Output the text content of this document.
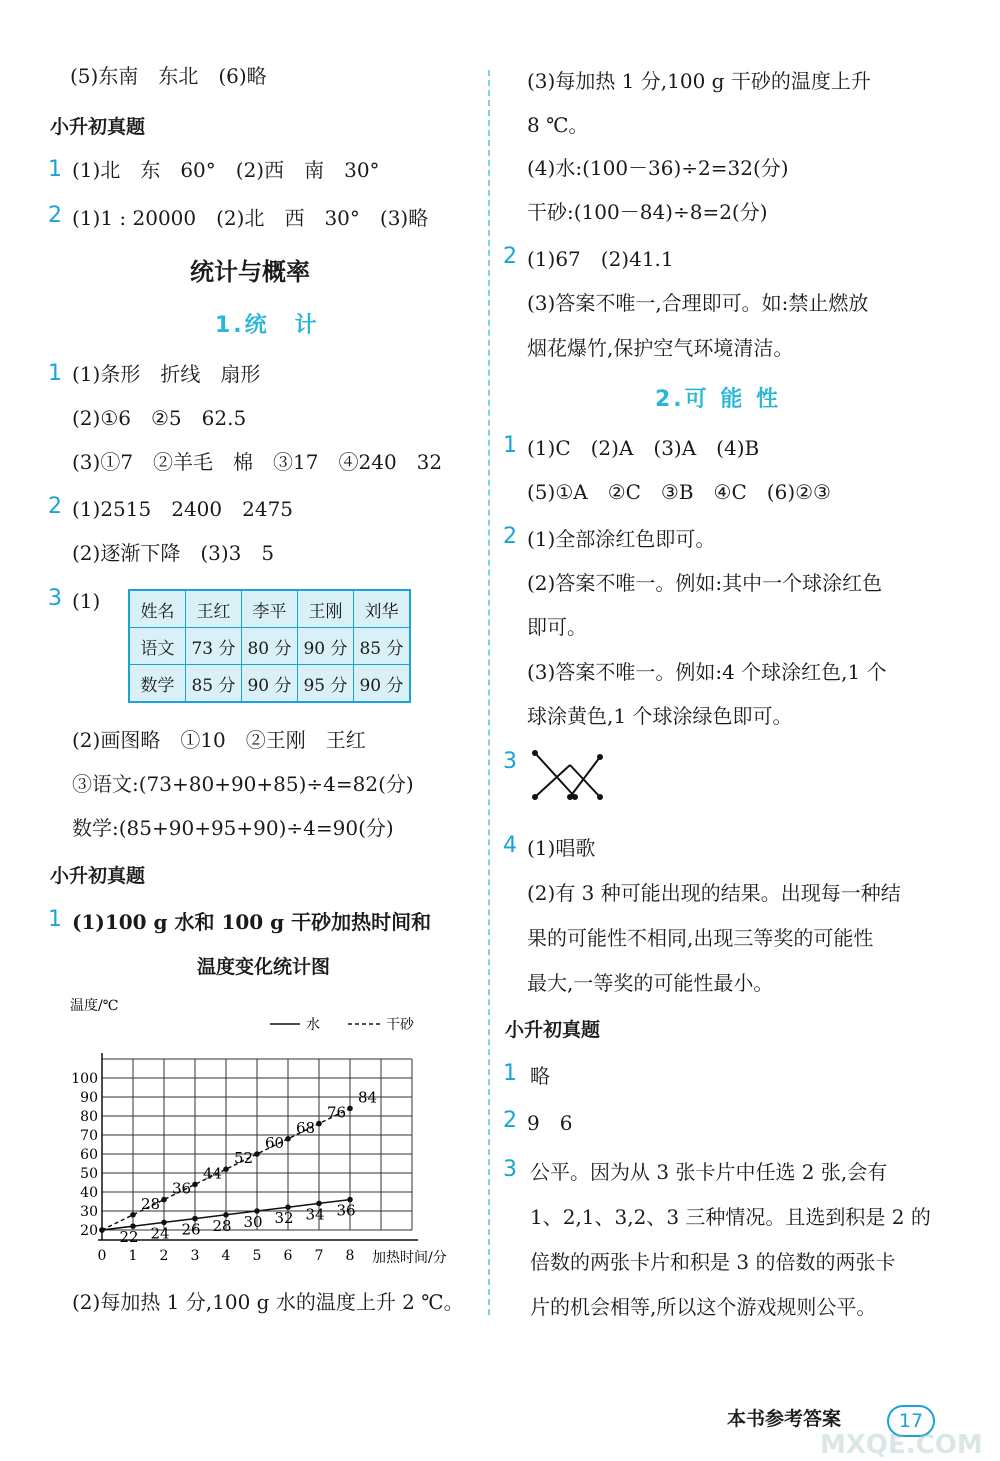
(5)东南　东北　(6)略
小升初真题
1 (1)北　东　60°　(2)西　南　30°
2 (1)1 : 20000　(2)北　西　30°　(3)略
统计与概率
1.统　计
1 (1)条形　折线　扇形
(2)①6　②5　62.5
(3)①7　②羊毛　棉　③17　④240　32
2 (1)2515　2400　2475
(2)逐渐下降　(3)3　5
3 (1) 姓名	王红	李平	王刚	刘华
语文	73 分	80 分	90 分	85 分
数学	85 分	90 分	95 分	90 分
(2)画图略　①10　②王刚　王红
③语文:(73+80+90+85)÷4=82(分)
数学:(85+90+95+90)÷4=90(分)
小升初真题
1 (1)100 g 水和 100 g 干砂加热时间和
温度变化统计图
温度/℃
加热时间/分
20
30
40
50
60
70
80
90
100
0 1 2 3 4 5 6 7 8
水	干砂
22 24 26 28 30 32 34 36
28
36
44
52
60
68
76
84
(2)每加热 1 分,100 g 水的温度上升 2 ℃。
(3)每加热 1 分,100 g 干砂的温度上升
8 ℃。
(4)水:(100－36)÷2=32(分)
干砂:(100－84)÷8=2(分)
2 (1)67　(2)41.1
(3)答案不唯一,合理即可。如:禁止燃放
烟花爆竹,保护空气环境清洁。
2.可 能 性
1 (1)C　(2)A　(3)A　(4)B
(5)①A　②C　③B　④C　(6)②③
2 (1)全部涂红色即可。
(2)答案不唯一。例如:其中一个球涂红色
即可。
(3)答案不唯一。例如:4 个球涂红色,1 个
球涂黄色,1 个球涂绿色即可。
3
4 (1)唱歌
(2)有 3 种可能出现的结果。出现每一种结
果的可能性不相同,出现三等奖的可能性
最大,一等奖的可能性最小。
小升初真题
1 略
2 9　6
3 公平。因为从 3 张卡片中任选 2 张,会有
1、2,1、3,2、3 三种情况。且选到积是 2 的
倍数的两张卡片和积是 3 的倍数的两张卡
片的机会相等,所以这个游戏规则公平。
本书参考答案	17
MXQE.COM
